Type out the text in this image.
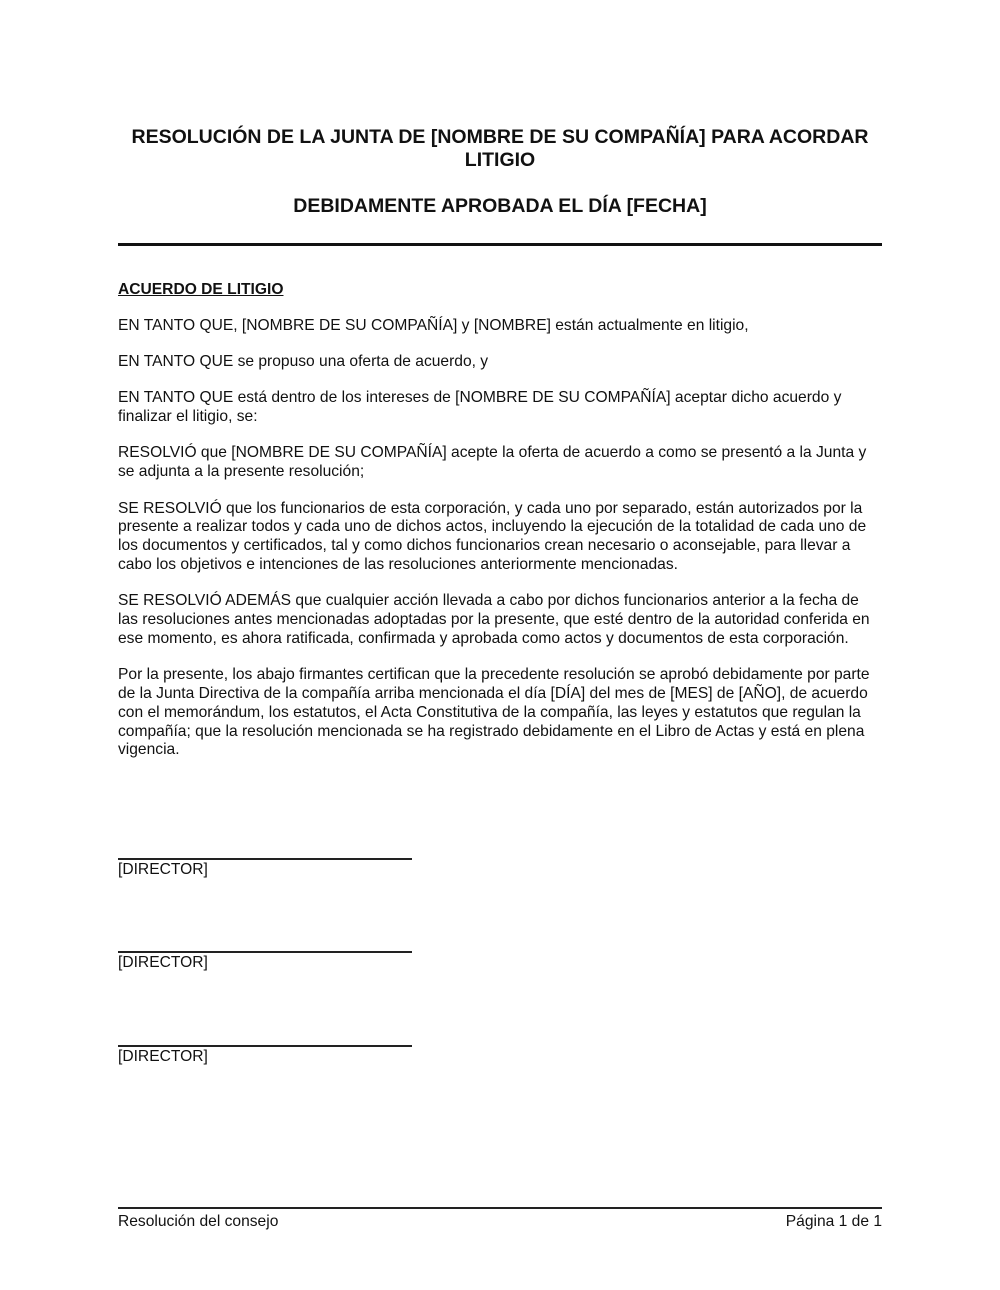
RESOLUCIÓN DE LA JUNTA DE [NOMBRE DE SU COMPAÑÍA] PARA ACORDAR LITIGIO
DEBIDAMENTE APROBADA EL DÍA [FECHA]

ACUERDO DE LITIGIO

EN TANTO QUE, [NOMBRE DE SU COMPAÑÍA] y [NOMBRE] están actualmente en litigio,

EN TANTO QUE se propuso una oferta de acuerdo, y

EN TANTO QUE está dentro de los intereses de [NOMBRE DE SU COMPAÑÍA] aceptar dicho acuerdo y finalizar el litigio, se:

RESOLVIÓ que [NOMBRE DE SU COMPAÑÍA] acepte la oferta de acuerdo a como se presentó a la Junta y se adjunta a la presente resolución;

SE RESOLVIÓ que los funcionarios de esta corporación, y cada uno por separado, están autorizados por la presente a realizar todos y cada uno de dichos actos, incluyendo la ejecución de la totalidad de cada uno de los documentos y certificados, tal y como dichos funcionarios crean necesario o aconsejable, para llevar a cabo los objetivos e intenciones de las resoluciones anteriormente mencionadas.

SE RESOLVIÓ ADEMÁS que cualquier acción llevada a cabo por dichos funcionarios anterior a la fecha de las resoluciones antes mencionadas adoptadas por la presente, que esté dentro de la autoridad conferida en ese momento, es ahora ratificada, confirmada y aprobada como actos y documentos de esta corporación.

Por la presente, los abajo firmantes certifican que la precedente resolución se aprobó debidamente por parte de la Junta Directiva de la compañía arriba mencionada el día [DÍA] del mes de [MES] de [AÑO], de acuerdo con el memorándum, los estatutos, el Acta Constitutiva de la compañía, las leyes y estatutos que regulan la compañía; que la resolución mencionada se ha registrado debidamente en el Libro de Actas y está en plena vigencia.

[DIRECTOR]
[DIRECTOR]
[DIRECTOR]
Resolución del consejo	Página 1 de 1
